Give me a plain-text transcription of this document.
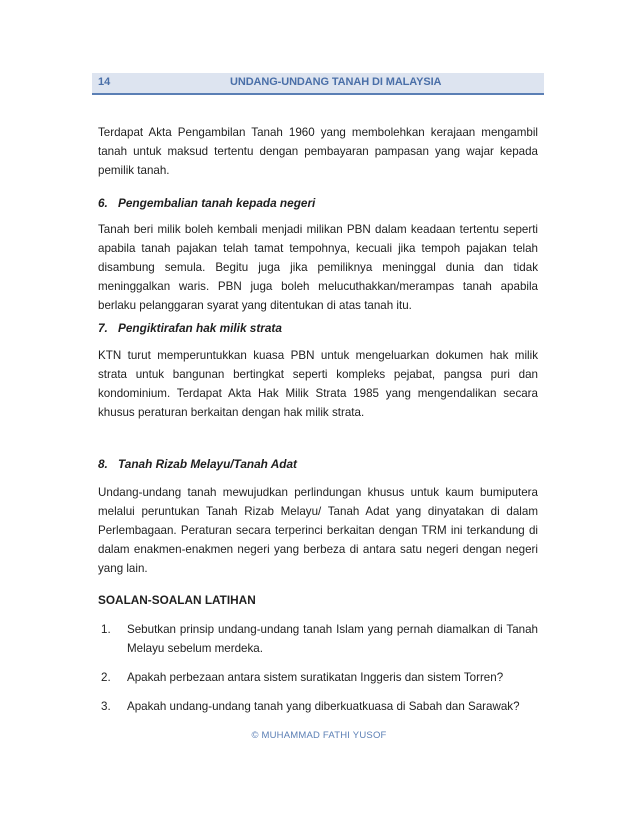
14	UNDANG-UNDANG TANAH DI MALAYSIA

Terdapat Akta Pengambilan Tanah 1960 yang membolehkan kerajaan mengambil tanah untuk maksud tertentu dengan pembayaran pampasan yang wajar kepada pemilik tanah.

6. Pengembalian tanah kepada negeri

Tanah beri milik boleh kembali menjadi milikan PBN dalam keadaan tertentu seperti apabila tanah pajakan telah tamat tempohnya, kecuali jika tempoh pajakan telah disambung semula. Begitu juga jika pemiliknya meninggal dunia dan tidak meninggalkan waris. PBN juga boleh melucuthakkan/merampas tanah apabila berlaku pelanggaran syarat yang ditentukan di atas tanah itu.

7. Pengiktirafan hak milik strata

KTN turut memperuntukkan kuasa PBN untuk mengeluarkan dokumen hak milik strata untuk bangunan bertingkat seperti kompleks pejabat, pangsa puri dan kondominium. Terdapat Akta Hak Milik Strata 1985 yang mengendalikan secara khusus peraturan berkaitan dengan hak milik strata.

8. Tanah Rizab Melayu/Tanah Adat

Undang-undang tanah mewujudkan perlindungan khusus untuk kaum bumiputera melalui peruntukan Tanah Rizab Melayu/ Tanah Adat yang dinyatakan di dalam Perlembagaan. Peraturan secara terperinci berkaitan dengan TRM ini terkandung di dalam enakmen-enakmen negeri yang berbeza di antara satu negeri dengan negeri yang lain.

SOALAN-SOALAN LATIHAN

1.	Sebutkan prinsip undang-undang tanah Islam yang pernah diamalkan di Tanah Melayu sebelum merdeka.
2.	Apakah perbezaan antara sistem suratikatan Inggeris dan sistem Torren?
3.	Apakah undang-undang tanah yang diberkuatkuasa di Sabah dan Sarawak?
© MUHAMMAD FATHI YUSOF
